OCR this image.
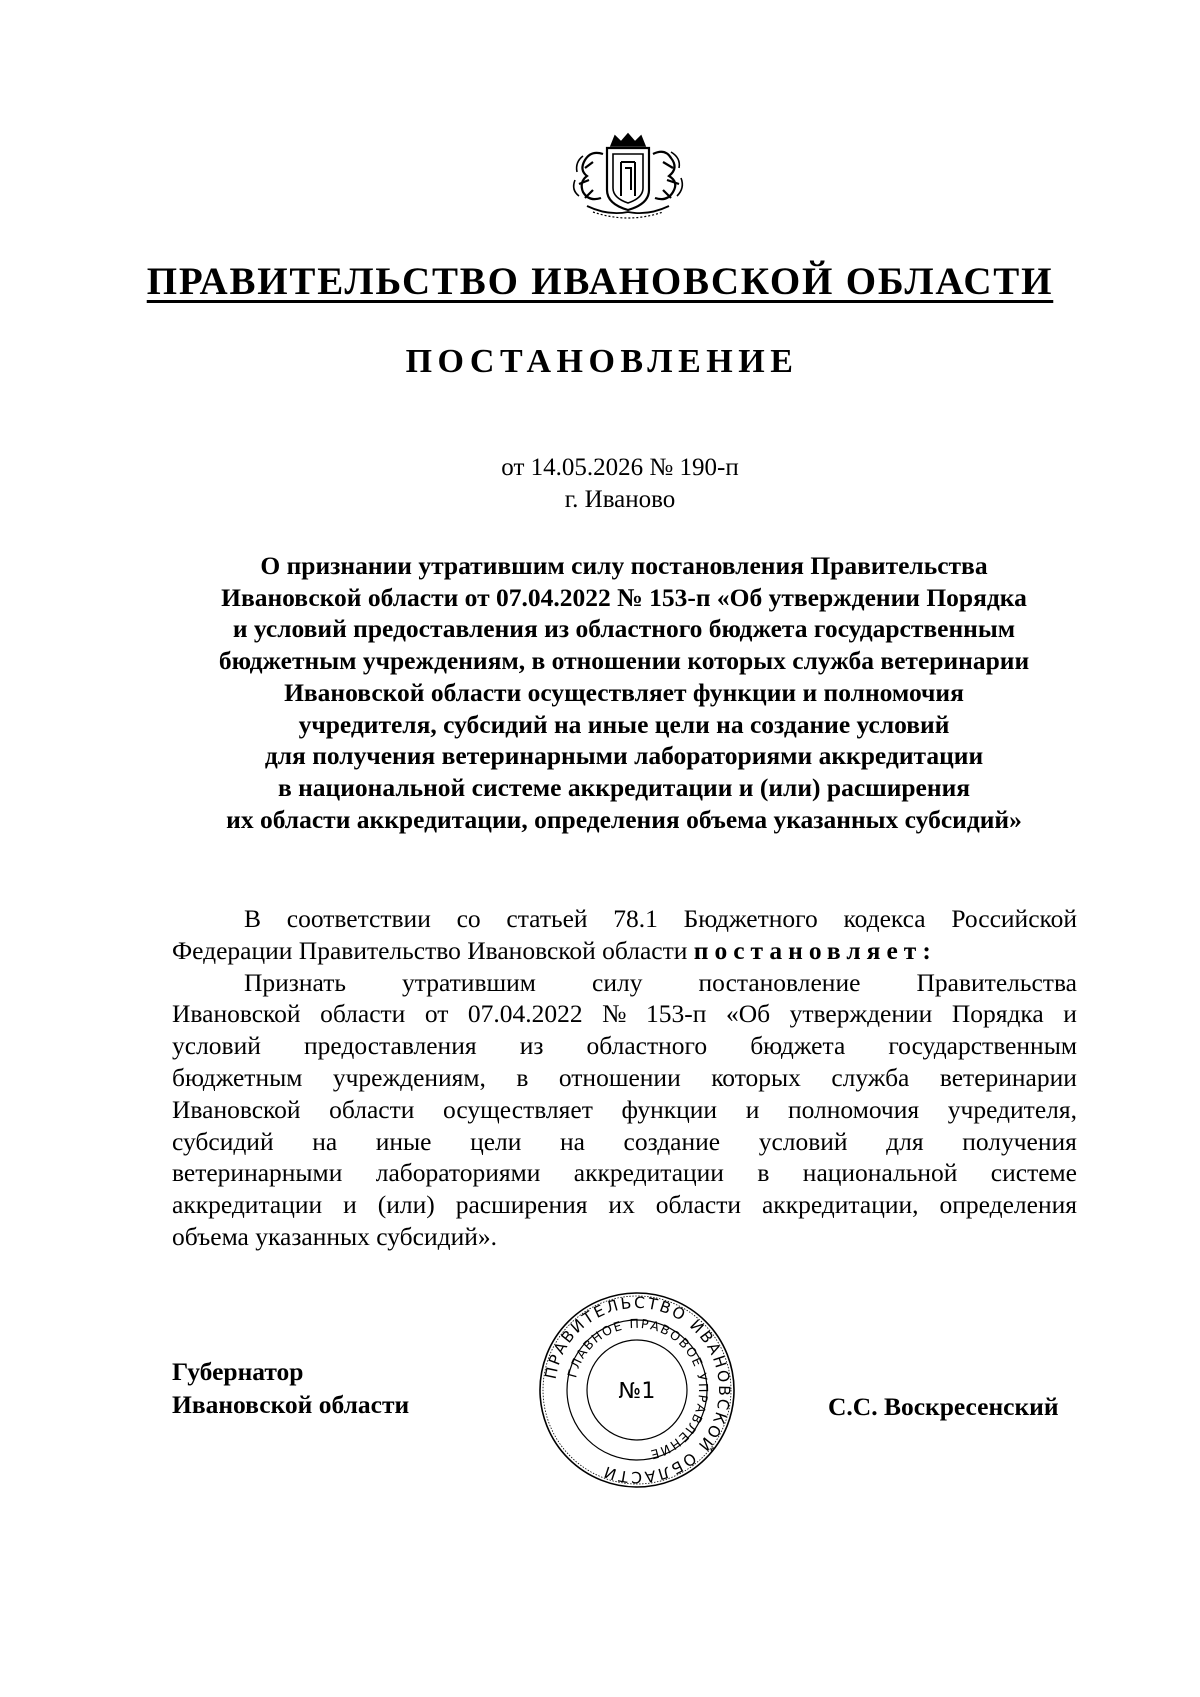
ПРАВИТЕЛЬСТВО ИВАНОВСКОЙ ОБЛАСТИ
ПОСТАНОВЛЕНИЕ
от 14.05.2026 № 190-п
г. Иваново
О признании утратившим силу постановления Правительства
Ивановской области от 07.04.2022 № 153-п «Об утверждении Порядка
и условий предоставления из областного бюджета государственным
бюджетным учреждениям, в отношении которых служба ветеринарии
Ивановской области осуществляет функции и полномочия
учредителя, субсидий на иные цели на создание условий
для получения ветеринарными лабораториями аккредитации
в национальной системе аккредитации и (или) расширения
их области аккредитации, определения объема указанных субсидий»
В соответствии со статьей 78.1 Бюджетного кодекса Российской
Федерации Правительство Ивановской области постановляет:
Признать утратившим силу постановление Правительства
Ивановской области от 07.04.2022 № 153-п «Об утверждении Порядка и
условий предоставления из областного бюджета государственным
бюджетным учреждениям, в отношении которых служба ветеринарии
Ивановской области осуществляет функции и полномочия учредителя,
субсидий на иные цели на создание условий для получения
ветеринарными лабораториями аккредитации в национальной системе
аккредитации и (или) расширения их области аккредитации, определения
объема указанных субсидий».
Губернатор
Ивановской области
ПРАВИТЕЛЬСТВО ИВАНОВСКОЙ ОБЛАСТИ
ГЛАВНОЕ ПРАВОВОЕ УПРАВЛЕНИЕ
№1
С.С. Воскресенский
